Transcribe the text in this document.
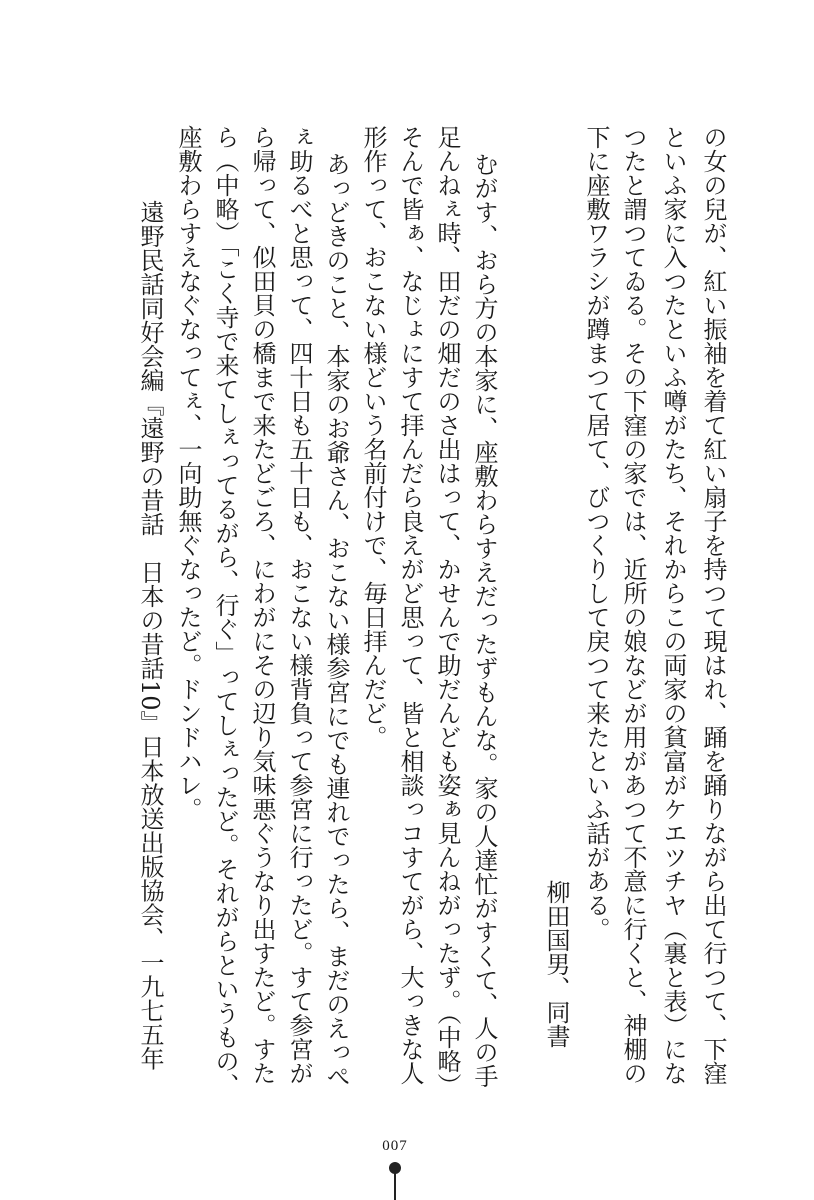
の女の兒が、紅い振袖を着て紅い扇子を持つて現はれ、踊を踊りながら出て行つて、下窪
といふ家に入つたといふ噂がたち、それからこの両家の貧富がケエツチヤ（裏と表）にな
つたと謂つてゐる。その下窪の家では、近所の娘などが用があつて不意に行くと、神棚の
下に座敷ワラシが蹲まつて居て、びつくりして戻つて来たといふ話がある。
柳田国男、同書
むがす、おら方の本家に、座敷わらすえだったずもんな。家の人達忙がすくて、人の手
足んねぇ時、田だの畑だのさ出はって、かせんで助だんども姿ぁ見んねがったず。（中略）
そんで皆ぁ、なじょにすて拝んだら良えがど思って、皆と相談っコすてがら、大っきな人
形作って、おこない様どいう名前付けで、毎日拝んだど。
あっどきのこと、本家のお爺さん、おこない様参宮にでも連れでったら、まだのえっぺ
ぇ助るべと思って、四十日も五十日も、おこない様背負って参宮に行ったど。すて参宮が
ら帰って、似田貝の橋まで来たどごろ、にわがにその辺り気味悪ぐうなり出すたど。すた
ら（中略）「こく寺で来てしぇってるがら、行ぐ」ってしぇったど。それがらというもの、
座敷わらすえなぐなってぇ、一向助無ぐなったど。ドンドハレ。
遠野民話同好会編『遠野の昔話　日本の昔話10』日本放送出版協会、一九七五年
007
